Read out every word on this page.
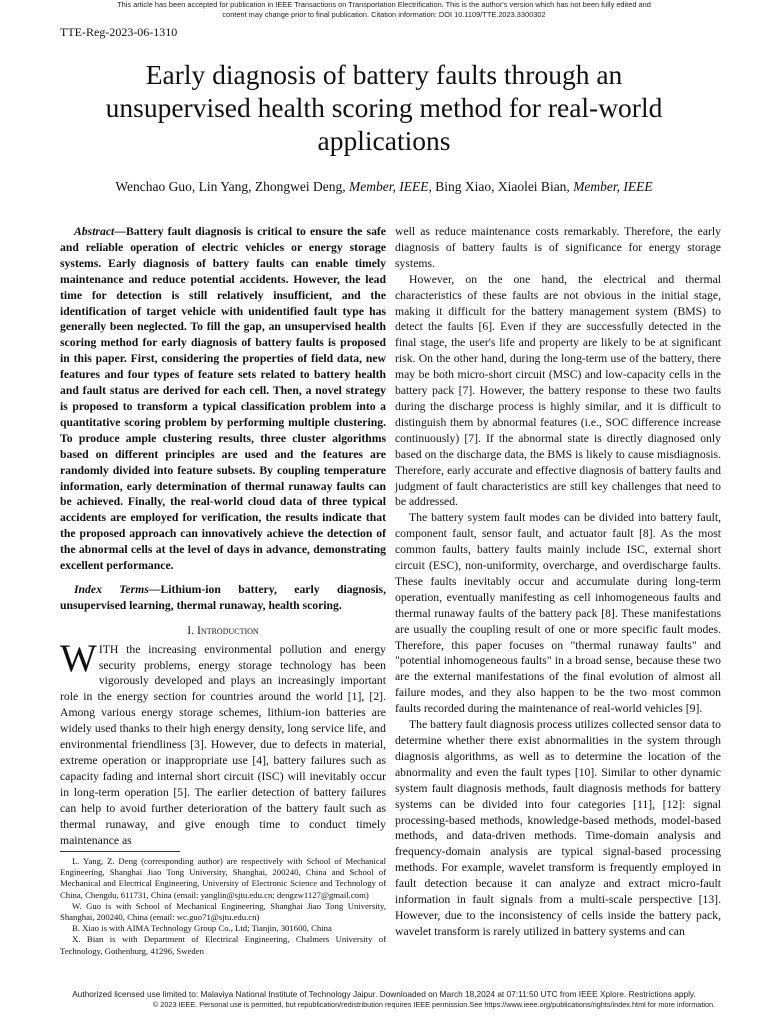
This article has been accepted for publication in IEEE Transactions on Transportation Electrification. This is the author's version which has not been fully edited and
content may change prior to final publication. Citation information: DOI 10.1109/TTE.2023.3300302
TTE-Reg-2023-06-1310
Early diagnosis of battery faults through an unsupervised health scoring method for real-world applications
Wenchao Guo, Lin Yang, Zhongwei Deng, Member, IEEE, Bing Xiao, Xiaolei Bian, Member, IEEE

Abstract—Battery fault diagnosis is critical to ensure the safe and reliable operation of electric vehicles or energy storage systems. Early diagnosis of battery faults can enable timely maintenance and reduce potential accidents. However, the lead time for detection is still relatively insufficient, and the identification of target vehicle with unidentified fault type has generally been neglected. To fill the gap, an unsupervised health scoring method for early diagnosis of battery faults is proposed in this paper. First, considering the properties of field data, new features and four types of feature sets related to battery health and fault status are derived for each cell. Then, a novel strategy is proposed to transform a typical classification problem into a quantitative scoring problem by performing multiple clustering. To produce ample clustering results, three cluster algorithms based on different principles are used and the features are randomly divided into feature subsets. By coupling temperature information, early determination of thermal runaway faults can be achieved. Finally, the real-world cloud data of three typical accidents are employed for verification, the results indicate that the proposed approach can innovatively achieve the detection of the abnormal cells at the level of days in advance, demonstrating excellent performance.

Index Terms—Lithium-ion battery, early diagnosis, unsupervised learning, thermal runaway, health scoring.

I. Introduction

WITH the increasing environmental pollution and energy security problems, energy storage technology has been vigorously developed and plays an increasingly important role in the energy section for countries around the world [1], [2]. Among various energy storage schemes, lithium-ion batteries are widely used thanks to their high energy density, long service life, and environmental friendliness [3]. However, due to defects in material, extreme operation or inappropriate use [4], battery failures such as capacity fading and internal short circuit (ISC) will inevitably occur in long-term operation [5]. The earlier detection of battery failures can help to avoid further deterioration of the battery fault such as thermal runaway, and give enough time to conduct timely maintenance as

L. Yang, Z. Deng (corresponding author) are respectively with School of Mechanical Engineering, Shanghai Jiao Tong University, Shanghai, 200240, China and School of Mechanical and Electrical Engineering, University of Electronic Science and Technology of China, Chengdu, 611731, China (email: yanglin@sjtu.edu.cn; dengzw1127@gmail.com)

W. Guo is with School of Mechanical Engineering, Shanghai Jiao Tong University, Shanghai, 200240, China (email: wc.guo71@sjtu.edu.cn)

B. Xiao is with AIMA Technology Group Co., Ltd; Tianjin, 301600, China

X. Bian is with Department of Electrical Engineering, Chalmers University of Technology, Gothenburg, 41296, Sweden

well as reduce maintenance costs remarkably. Therefore, the early diagnosis of battery faults is of significance for energy storage systems.

However, on the one hand, the electrical and thermal characteristics of these faults are not obvious in the initial stage, making it difficult for the battery management system (BMS) to detect the faults [6]. Even if they are successfully detected in the final stage, the user's life and property are likely to be at significant risk. On the other hand, during the long-term use of the battery, there may be both micro-short circuit (MSC) and low-capacity cells in the battery pack [7]. However, the battery response to these two faults during the discharge process is highly similar, and it is difficult to distinguish them by abnormal features (i.e., SOC difference increase continuously) [7]. If the abnormal state is directly diagnosed only based on the discharge data, the BMS is likely to cause misdiagnosis. Therefore, early accurate and effective diagnosis of battery faults and judgment of fault characteristics are still key challenges that need to be addressed.

The battery system fault modes can be divided into battery fault, component fault, sensor fault, and actuator fault [8]. As the most common faults, battery faults mainly include ISC, external short circuit (ESC), non-uniformity, overcharge, and overdischarge faults. These faults inevitably occur and accumulate during long-term operation, eventually manifesting as cell inhomogeneous faults and thermal runaway faults of the battery pack [8]. These manifestations are usually the coupling result of one or more specific fault modes. Therefore, this paper focuses on "thermal runaway faults" and "potential inhomogeneous faults" in a broad sense, because these two are the external manifestations of the final evolution of almost all failure modes, and they also happen to be the two most common faults recorded during the maintenance of real-world vehicles [9].

The battery fault diagnosis process utilizes collected sensor data to determine whether there exist abnormalities in the system through diagnosis algorithms, as well as to determine the location of the abnormality and even the fault types [10]. Similar to other dynamic system fault diagnosis methods, fault diagnosis methods for battery systems can be divided into four categories [11], [12]: signal processing-based methods, knowledge-based methods, model-based methods, and data-driven methods. Time-domain analysis and frequency-domain analysis are typical signal-based processing methods. For example, wavelet transform is frequently employed in fault detection because it can analyze and extract micro-fault information in fault signals from a multi-scale perspective [13]. However, due to the inconsistency of cells inside the battery pack, wavelet transform is rarely utilized in battery systems and can

Authorized licensed use limited to: Malaviya National Institute of Technology Jaipur. Downloaded on March 18,2024 at 07:11:50 UTC from IEEE Xplore. Restrictions apply.
© 2023 IEEE. Personal use is permitted, but republication/redistribution requires IEEE permission.See https://www.ieee.org/publications/rights/index.html for more information.
